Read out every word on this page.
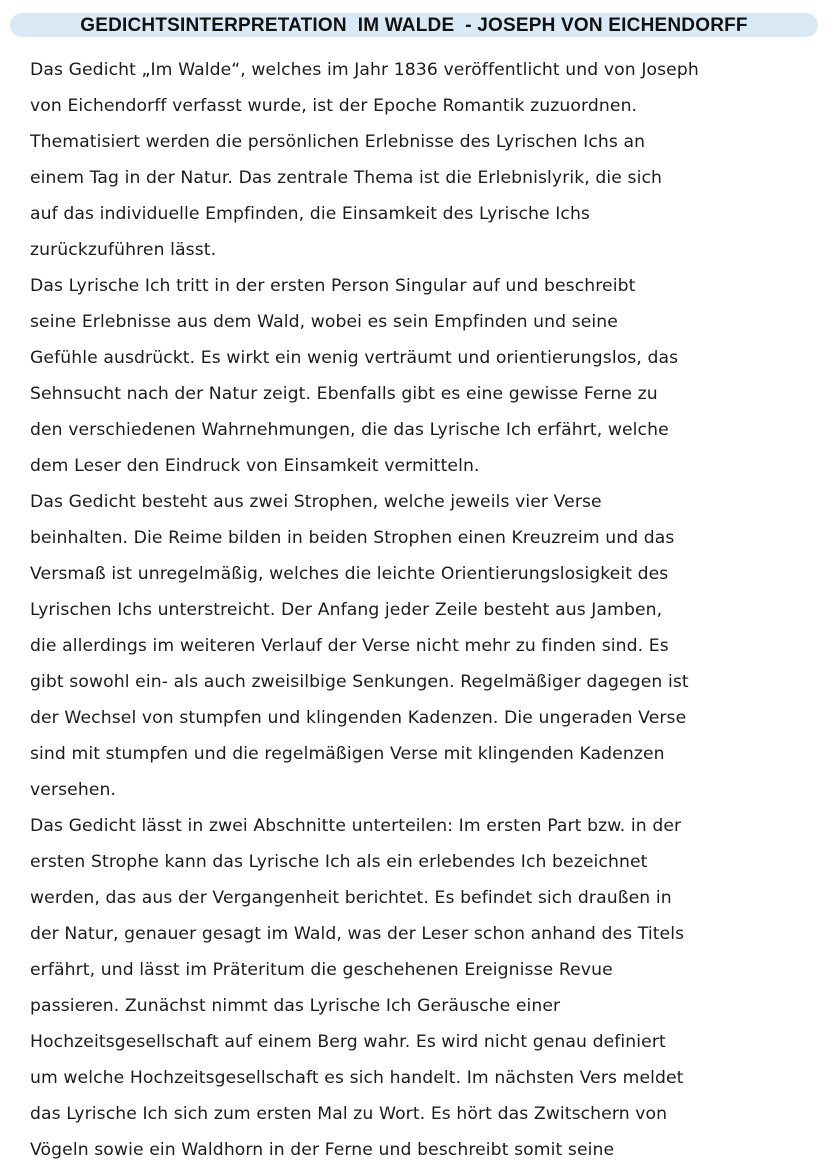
GEDICHTSINTERPRETATION  IM WALDE  - JOSEPH VON EICHENDORFF
Das Gedicht „Im Walde“, welches im Jahr 1836 veröffentlicht und von Joseph
von Eichendorff verfasst wurde, ist der Epoche Romantik zuzuordnen.
Thematisiert werden die persönlichen Erlebnisse des Lyrischen Ichs an
einem Tag in der Natur. Das zentrale Thema ist die Erlebnislyrik, die sich
auf das individuelle Empfinden, die Einsamkeit des Lyrische Ichs
zurückzuführen lässt.
Das Lyrische Ich tritt in der ersten Person Singular auf und beschreibt
seine Erlebnisse aus dem Wald, wobei es sein Empfinden und seine
Gefühle ausdrückt. Es wirkt ein wenig verträumt und orientierungslos, das
Sehnsucht nach der Natur zeigt. Ebenfalls gibt es eine gewisse Ferne zu
den verschiedenen Wahrnehmungen, die das Lyrische Ich erfährt, welche
dem Leser den Eindruck von Einsamkeit vermitteln.
Das Gedicht besteht aus zwei Strophen, welche jeweils vier Verse
beinhalten. Die Reime bilden in beiden Strophen einen Kreuzreim und das
Versmaß ist unregelmäßig, welches die leichte Orientierungslosigkeit des
Lyrischen Ichs unterstreicht. Der Anfang jeder Zeile besteht aus Jamben,
die allerdings im weiteren Verlauf der Verse nicht mehr zu finden sind. Es
gibt sowohl ein- als auch zweisilbige Senkungen. Regelmäßiger dagegen ist
der Wechsel von stumpfen und klingenden Kadenzen. Die ungeraden Verse
sind mit stumpfen und die regelmäßigen Verse mit klingenden Kadenzen
versehen.
Das Gedicht lässt in zwei Abschnitte unterteilen: Im ersten Part bzw. in der
ersten Strophe kann das Lyrische Ich als ein erlebendes Ich bezeichnet
werden, das aus der Vergangenheit berichtet. Es befindet sich draußen in
der Natur, genauer gesagt im Wald, was der Leser schon anhand des Titels
erfährt, und lässt im Präteritum die geschehenen Ereignisse Revue
passieren. Zunächst nimmt das Lyrische Ich Geräusche einer
Hochzeitsgesellschaft auf einem Berg wahr. Es wird nicht genau definiert
um welche Hochzeitsgesellschaft es sich handelt. Im nächsten Vers meldet
das Lyrische Ich sich zum ersten Mal zu Wort. Es hört das Zwitschern von
Vögeln sowie ein Waldhorn in der Ferne und beschreibt somit seine
